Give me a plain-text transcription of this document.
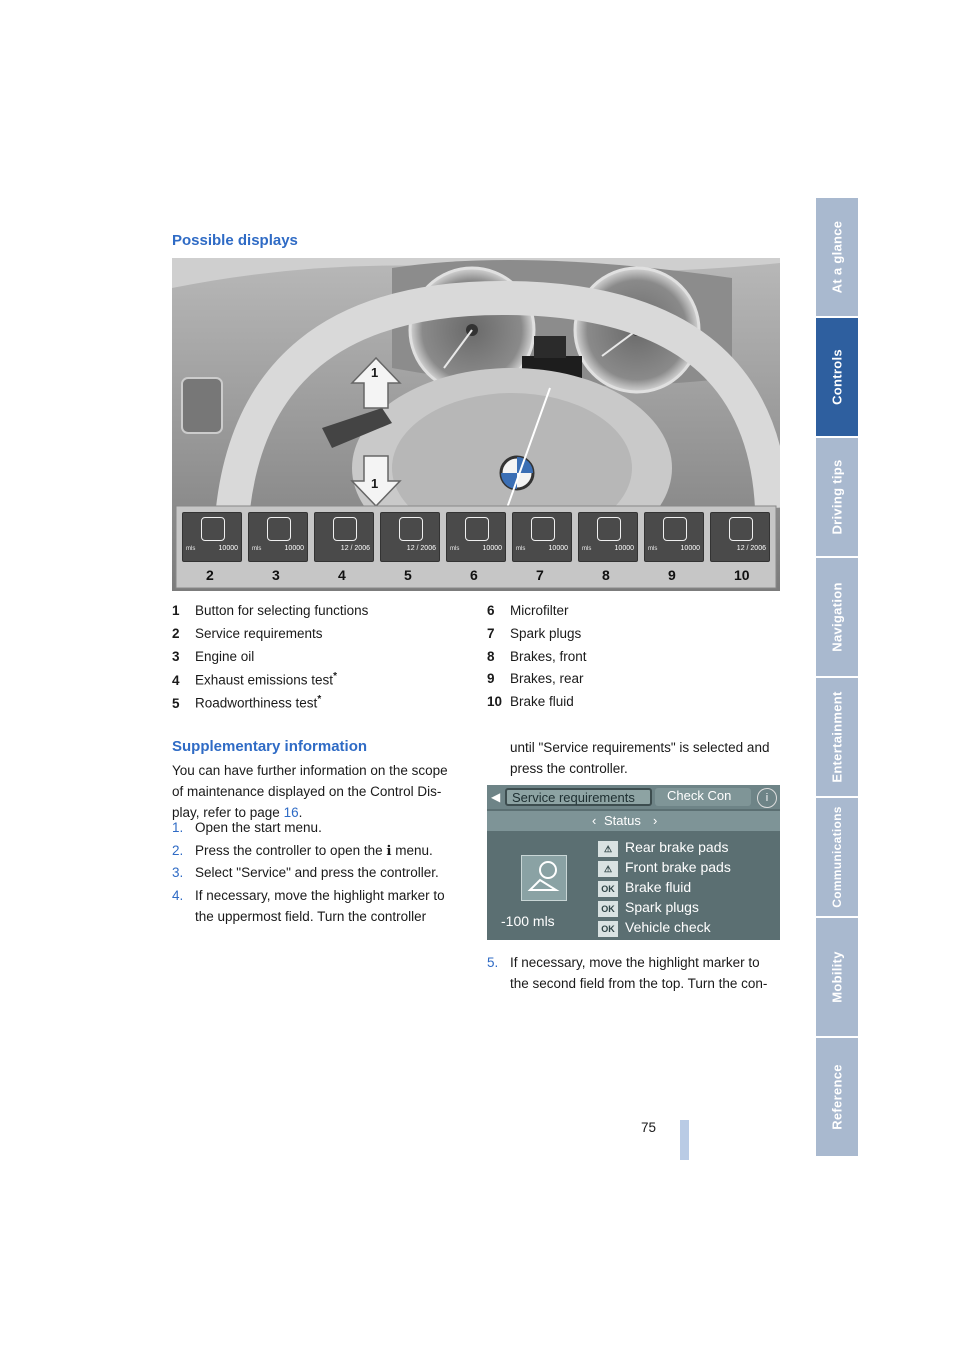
At a glance
Controls
Driving tips
Navigation
Entertainment
Communications
Mobility
Reference
Possible displays
1
1
mls	10000
2
mls	10000
3
12 / 2006
4
12 / 2006
5
mls	10000
6
mls	10000
7
mls	10000
8
mls	10000
9
12 / 2006
10
1 Button for selecting functions
2 Service requirements
3 Engine oil
4 Exhaust emissions test*
5 Roadworthiness test*
6 Microfilter
7 Spark plugs
8 Brakes, front
9 Brakes, rear
10 Brake fluid
Supplementary information

You can have further information on the scope

of maintenance displayed on the Control Dis-

play, refer to page 16.

1. Open the start menu.
2. Press the controller to open the ℹ menu.
3. Select "Service" and press the controller.
4. If necessary, move the highlight marker to
the uppermost field. Turn the controller

until "Service requirements" is selected and

press the controller.

◀ Service requirements Check Con	i
‹ Status ›
-100 mls
⚠ Rear brake pads
⚠ Front brake pads
OK Brake fluid
OK Spark plugs
OK Vehicle check
5. If necessary, move the highlight marker to
the second field from the top. Turn the con-
75
